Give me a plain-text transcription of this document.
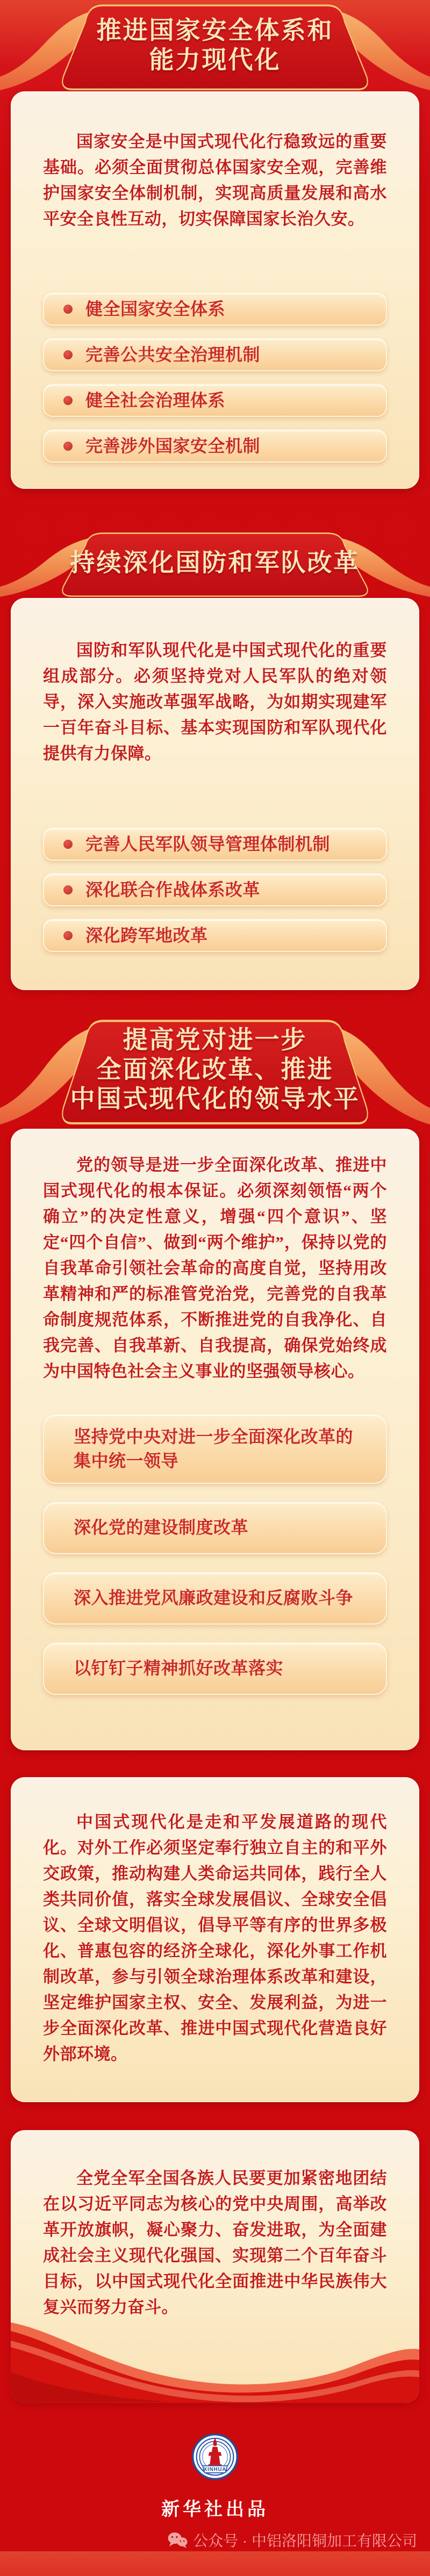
推进国家安全体系和
能力现代化

国家安全是中国式现代化行稳致远的重要基础。必须全面贯彻总体国家安全观，完善维护国家安全体制机制，实现高质量发展和高水平安全良性互动，切实保障国家长治久安。

健全国家安全体系
完善公共安全治理机制
健全社会治理体系
完善涉外国家安全机制
持续深化国防和军队改革

国防和军队现代化是中国式现代化的重要组成部分。必须坚持党对人民军队的绝对领导，深入实施改革强军战略，为如期实现建军一百年奋斗目标、基本实现国防和军队现代化提供有力保障。

完善人民军队领导管理体制机制
深化联合作战体系改革
深化跨军地改革
提高党对进一步
全面深化改革、推进
中国式现代化的领导水平

党的领导是进一步全面深化改革、推进中国式现代化的根本保证。必须深刻领悟“两个确立”的决定性意义，增强“四个意识”、坚定“四个自信”、做到“两个维护”，保持以党的自我革命引领社会革命的高度自觉，坚持用改革精神和严的标准管党治党，完善党的自我革命制度规范体系，不断推进党的自我净化、自我完善、自我革新、自我提高，确保党始终成为中国特色社会主义事业的坚强领导核心。

坚持党中央对进一步全面深化改革的集中统一领导
深化党的建设制度改革
深入推进党风廉政建设和反腐败斗争
以钉钉子精神抓好改革落实

中国式现代化是走和平发展道路的现代化。对外工作必须坚定奉行独立自主的和平外交政策，推动构建人类命运共同体，践行全人类共同价值，落实全球发展倡议、全球安全倡议、全球文明倡议，倡导平等有序的世界多极化、普惠包容的经济全球化，深化外事工作机制改革，参与引领全球治理体系改革和建设，坚定维护国家主权、安全、发展利益，为进一步全面深化改革、推进中国式现代化营造良好外部环境。

全党全军全国各族人民要更加紧密地团结在以习近平同志为核心的党中央周围，高举改革开放旗帜，凝心聚力、奋发进取，为全面建成社会主义现代化强国、实现第二个百年奋斗目标，以中国式现代化全面推进中华民族伟大复兴而努力奋斗。

XINHUA
新华社出品
公众号 · 中铝洛阳铜加工有限公司
